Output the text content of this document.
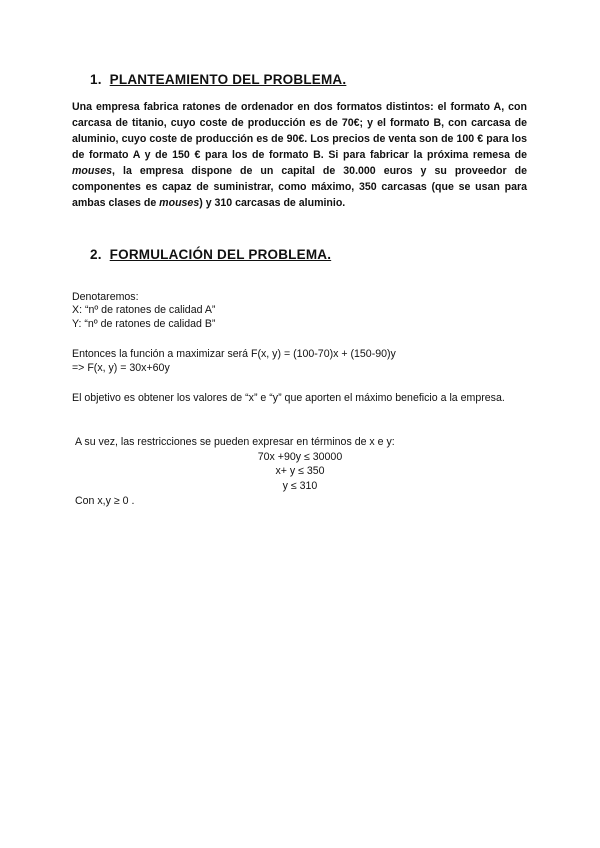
1. PLANTEAMIENTO DEL PROBLEMA.
Una empresa fabrica ratones de ordenador en dos formatos distintos: el formato A, con carcasa de titanio, cuyo coste de producción es de 70€; y el formato B, con carcasa de aluminio, cuyo coste de producción es de 90€. Los precios de venta son de 100 € para los de formato A y de 150 € para los de formato B. Si para fabricar la próxima remesa de mouses, la empresa dispone de un capital de 30.000 euros y su proveedor de componentes es capaz de suministrar, como máximo, 350 carcasas (que se usan para ambas clases de mouses) y 310 carcasas de aluminio.
2. FORMULACIÓN DEL PROBLEMA.
Denotaremos:
X: “nº de ratones de calidad A”
Y: “nº de ratones de calidad B”
Entonces la función a maximizar será F(x, y) = (100-70)x + (150-90)y
=> F(x, y) = 30x+60y
El objetivo es obtener los valores de “x” e “y” que aporten el máximo beneficio a la empresa.
A su vez, las restricciones se pueden expresar en términos de x e y:
70x +90y ≤ 30000
x+ y ≤ 350
y ≤ 310
Con x,y ≥ 0 .
